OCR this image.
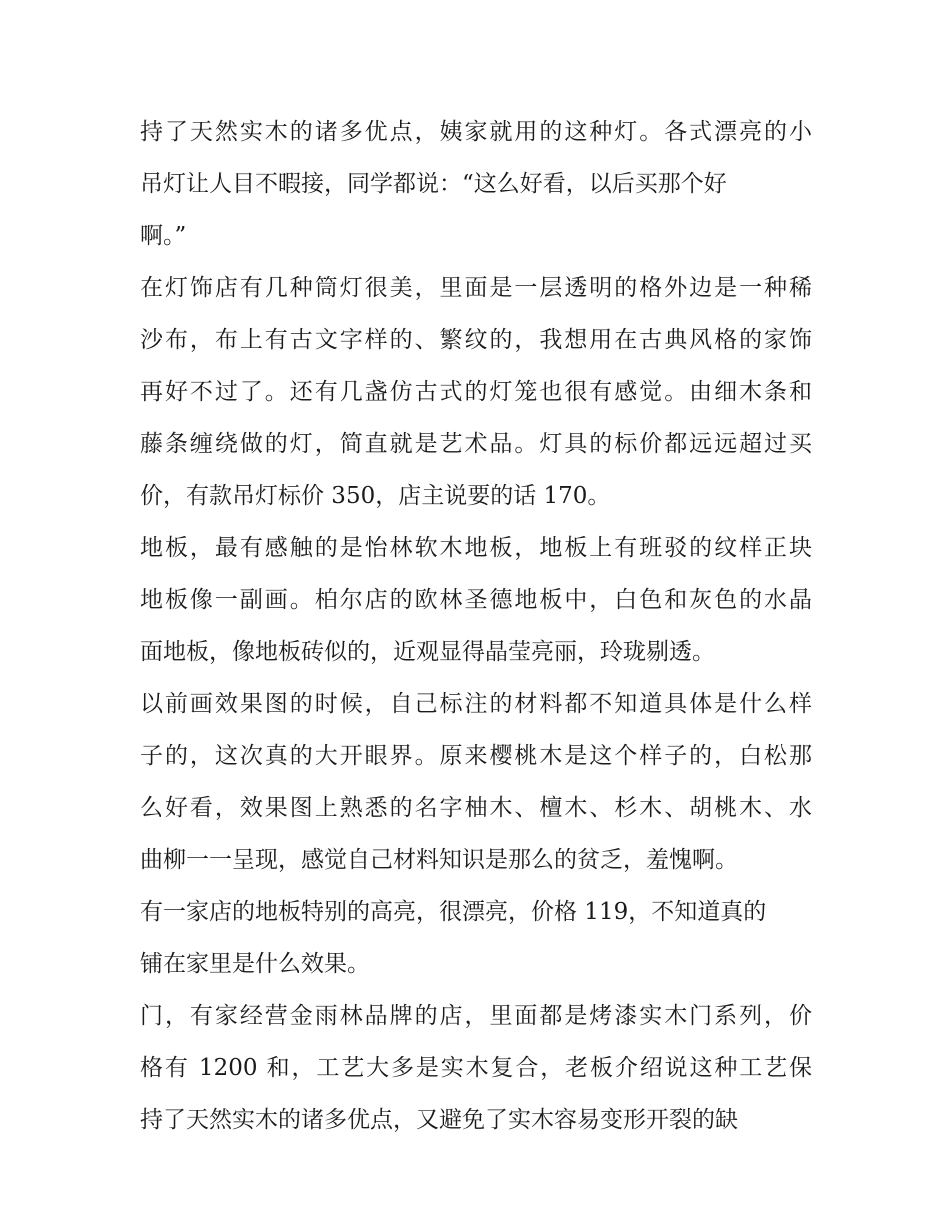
持了天然实木的诸多优点，姨家就用的这种灯。各式漂亮的小
吊灯让人目不暇接，同学都说：“这么好看，以后买那个好
啊。”
在灯饰店有几种筒灯很美，里面是一层透明的格外边是一种稀
沙布，布上有古文字样的、繁纹的，我想用在古典风格的家饰
再好不过了。还有几盏仿古式的灯笼也很有感觉。由细木条和
藤条缠绕做的灯，简直就是艺术品。灯具的标价都远远超过买
价，有款吊灯标价 350，店主说要的话 170。
地板，最有感触的是怡林软木地板，地板上有班驳的纹样正块
地板像一副画。柏尔店的欧林圣德地板中，白色和灰色的水晶
面地板，像地板砖似的，近观显得晶莹亮丽，玲珑剔透。
以前画效果图的时候，自己标注的材料都不知道具体是什么样
子的，这次真的大开眼界。原来樱桃木是这个样子的，白松那
么好看，效果图上熟悉的名字柚木、檀木、杉木、胡桃木、水
曲柳一一呈现，感觉自己材料知识是那么的贫乏，羞愧啊。
有一家店的地板特别的高亮，很漂亮，价格 119，不知道真的
铺在家里是什么效果。
门，有家经营金雨林品牌的店，里面都是烤漆实木门系列，价
格有 1200 和，工艺大多是实木复合，老板介绍说这种工艺保
持了天然实木的诸多优点，又避免了实木容易变形开裂的缺
